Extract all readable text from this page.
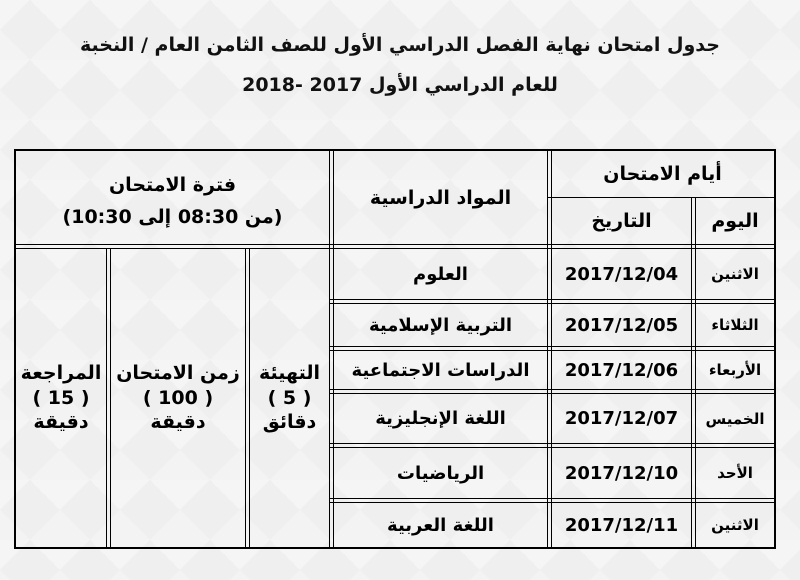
جدول امتحان نهاية الفصل الدراسي الأول للصف الثامن العام / النخبة
للعام الدراسي الأول 2017 -2018
أيام الامتحان
اليوم
التاريخ
المواد الدراسية
فترة الامتحان
(من 08:30 إلى 10:30)
الاثنين
2017/12/04
العلوم
الثلاثاء
2017/12/05
التربية الإسلامية
الأربعاء
2017/12/06
الدراسات الاجتماعية
الخميس
2017/12/07
اللغة الإنجليزية
الأحد
2017/12/10
الرياضيات
الاثنين
2017/12/11
اللغة العربية
التهيئة
( 5 )
دقائق
زمن الامتحان
( 100 )
دقيقة
المراجعة
( 15 )
دقيقة
